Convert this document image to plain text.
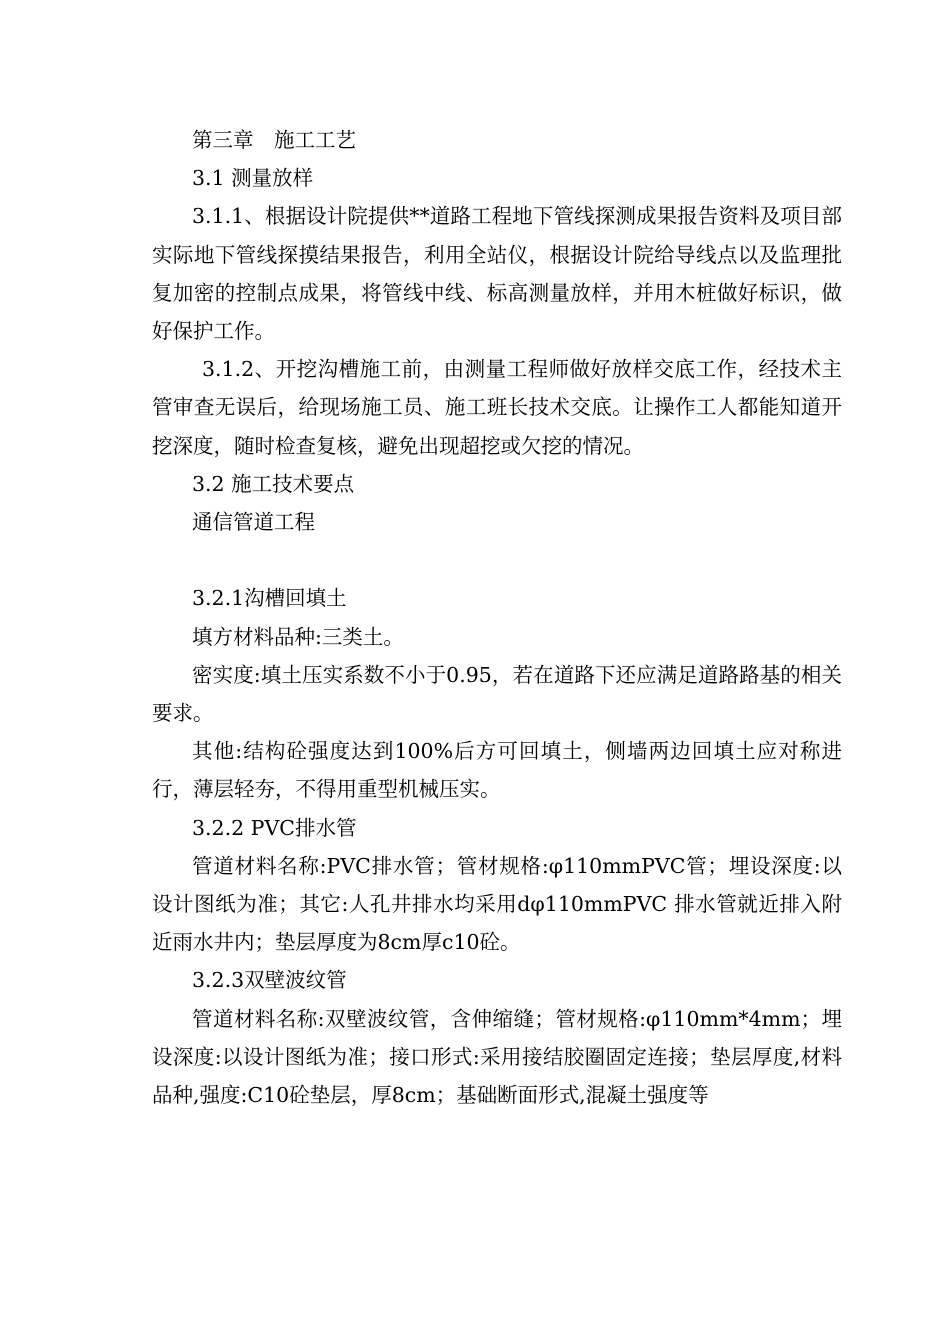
第三章　施工工艺

3.1 测量放样

3.1.1、根据设计院提供**道路工程地下管线探测成果报告资料及项目部实际地下管线探摸结果报告，利用全站仪，根据设计院给导线点以及监理批复加密的控制点成果，将管线中线、标高测量放样，并用木桩做好标识，做好保护工作。

3.1.2、开挖沟槽施工前，由测量工程师做好放样交底工作，经技术主管审查无误后，给现场施工员、施工班长技术交底。让操作工人都能知道开挖深度，随时检查复核，避免出现超挖或欠挖的情况。

3.2 施工技术要点

通信管道工程

3.2.1沟槽回填土

填方材料品种:三类土。

密实度:填土压实系数不小于0.95，若在道路下还应满足道路路基的相关要求。

其他:结构砼强度达到100%后方可回填土，侧墙两边回填土应对称进行，薄层轻夯，不得用重型机械压实。

3.2.2 PVC排水管

管道材料名称:PVC排水管；管材规格:φ110mmPVC管；埋设深度:以设计图纸为准；其它:人孔井排水均采用dφ110mmPVC 排水管就近排入附近雨水井内；垫层厚度为8cm厚c10砼。

3.2.3双壁波纹管

管道材料名称:双壁波纹管，含伸缩缝；管材规格:φ110mm*4mm；埋设深度:以设计图纸为准；接口形式:采用接结胶圈固定连接；垫层厚度,材料品种,强度:C10砼垫层，厚8cm；基础断面形式,混凝土强度等
